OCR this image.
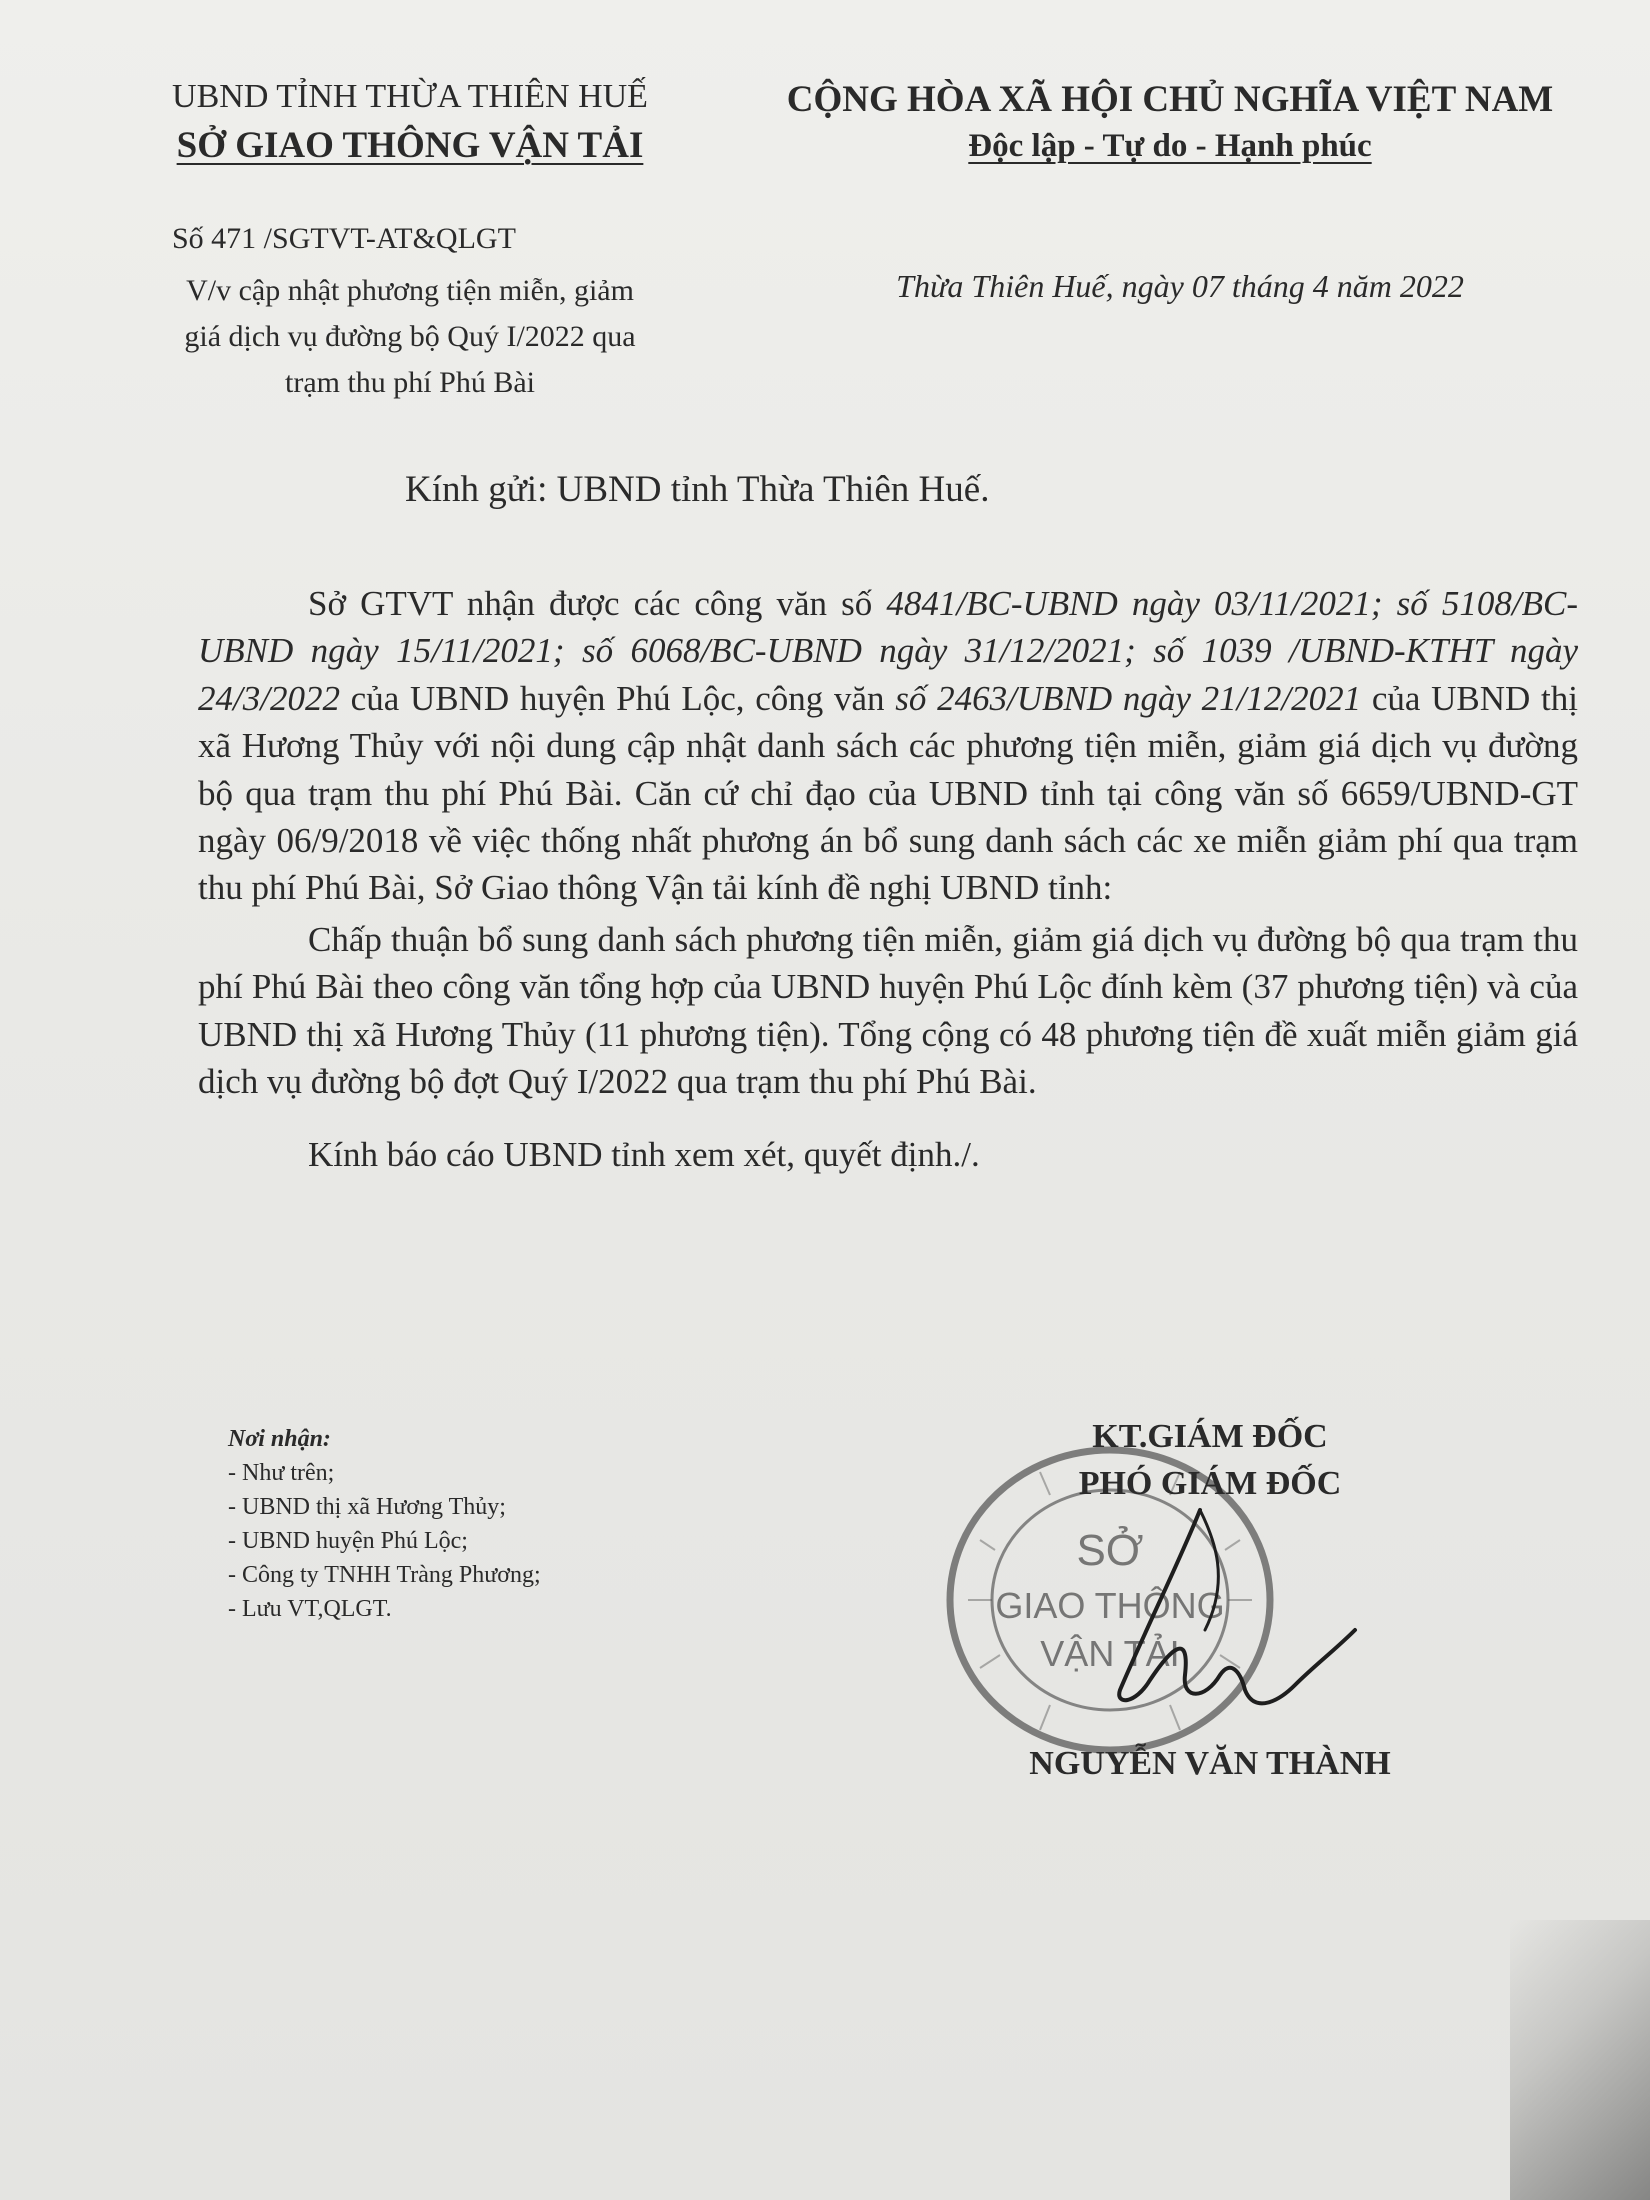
UBND TỈNH THỪA THIÊN HUẾ
SỞ GIAO THÔNG VẬN TẢI
CỘNG HÒA XÃ HỘI CHỦ NGHĨA VIỆT NAM
Độc lập - Tự do - Hạnh phúc
Số 471 /SGTVT-AT&QLGT
V/v cập nhật phương tiện miễn, giảm
giá dịch vụ đường bộ Quý I/2022 qua
trạm thu phí Phú Bài
Thừa Thiên Huế, ngày 07 tháng 4 năm 2022
Kính gửi: UBND tỉnh Thừa Thiên Huế.

Sở GTVT nhận được các công văn số 4841/BC-UBND ngày 03/11/2021; số 5108/BC-UBND ngày 15/11/2021; số 6068/BC-UBND ngày 31/12/2021; số 1039 /UBND-KTHT ngày 24/3/2022 của UBND huyện Phú Lộc, công văn số 2463/UBND ngày 21/12/2021 của UBND thị xã Hương Thủy với nội dung cập nhật danh sách các phương tiện miễn, giảm giá dịch vụ đường bộ qua trạm thu phí Phú Bài. Căn cứ chỉ đạo của UBND tỉnh tại công văn số 6659/UBND-GT ngày 06/9/2018 về việc thống nhất phương án bổ sung danh sách các xe miễn giảm phí qua trạm thu phí Phú Bài, Sở Giao thông Vận tải kính đề nghị UBND tỉnh:

Chấp thuận bổ sung danh sách phương tiện miễn, giảm giá dịch vụ đường bộ qua trạm thu phí Phú Bài theo công văn tổng hợp của UBND huyện Phú Lộc đính kèm (37 phương tiện) và của UBND thị xã Hương Thủy (11 phương tiện). Tổng cộng có 48 phương tiện đề xuất miễn giảm giá dịch vụ đường bộ đợt Quý I/2022 qua trạm thu phí Phú Bài.

Kính báo cáo UBND tỉnh xem xét, quyết định./.

Nơi nhận:
- Như trên;
- UBND thị xã Hương Thủy;
- UBND huyện Phú Lộc;
- Công ty TNHH Tràng Phương;
- Lưu VT,QLGT.
SỞ
GIAO THÔNG
VẬN TẢI
KT.GIÁM ĐỐC
PHÓ GIÁM ĐỐC
NGUYỄN VĂN THÀNH
